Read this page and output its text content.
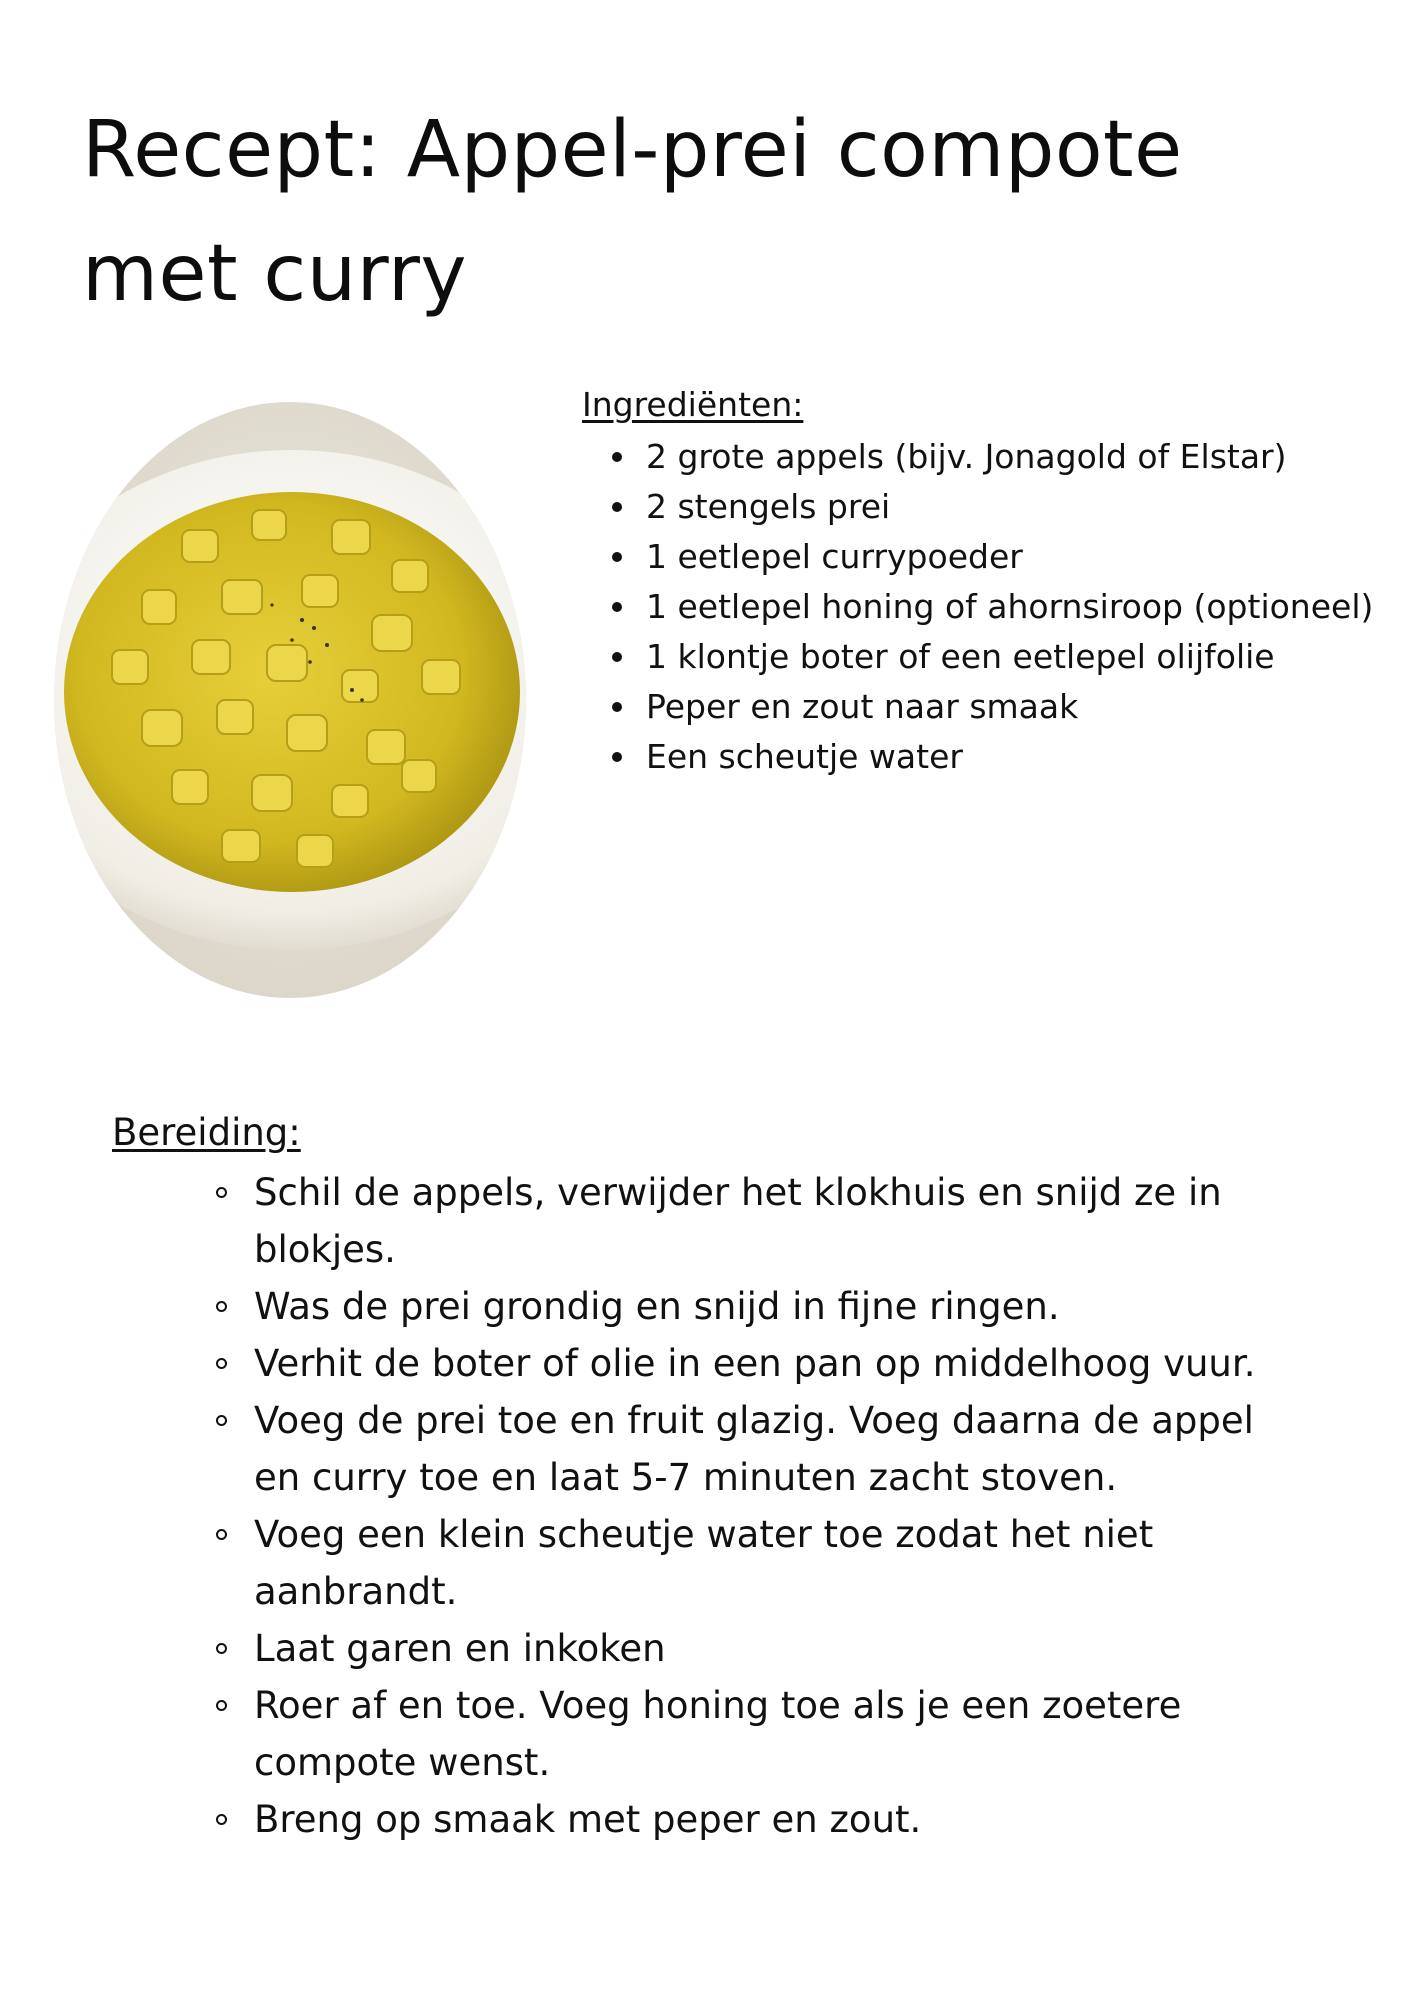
Recept: Appel-prei compote met curry
Ingrediënten:
2 grote appels (bijv. Jonagold of Elstar)
2 stengels prei
1 eetlepel currypoeder
1 eetlepel honing of ahornsiroop (optioneel)
1 klontje boter of een eetlepel olijfolie
Peper en zout naar smaak
Een scheutje water
Bereiding:
Schil de appels, verwijder het klokhuis en snijd ze in blokjes.
Was de prei grondig en snijd in fijne ringen.
Verhit de boter of olie in een pan op middelhoog vuur.
Voeg de prei toe en fruit glazig. Voeg daarna de appel en curry toe en laat 5-7 minuten zacht stoven.
Voeg een klein scheutje water toe zodat het niet aanbrandt.
Laat garen en inkoken
Roer af en toe. Voeg honing toe als je een zoetere compote wenst.
Breng op smaak met peper en zout.
